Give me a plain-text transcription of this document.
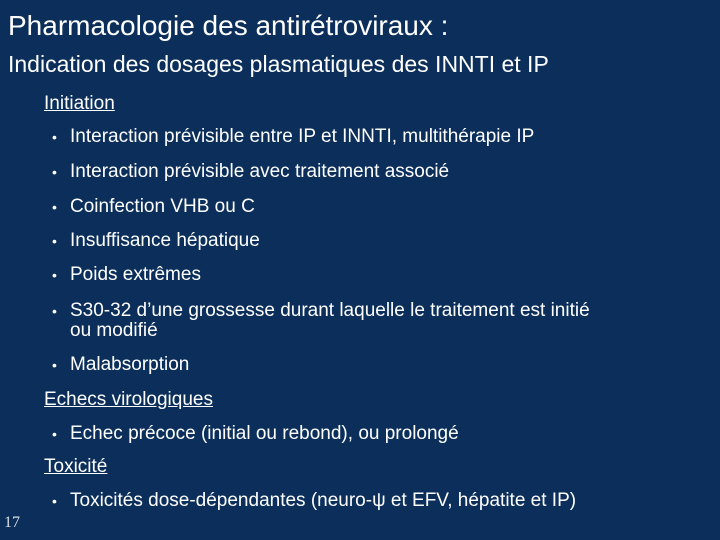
Pharmacologie des antirétroviraux :
Indication des dosages plasmatiques des INNTI et IP
Initiation
• Interaction prévisible entre IP et INNTI, multithérapie IP
• Interaction prévisible avec traitement associé
• Coinfection VHB ou C
• Insuffisance hépatique
• Poids extrêmes
• S30-32 d’une grossesse durant laquelle le traitement est initié
ou modifié
• Malabsorption
Echecs virologiques
• Echec précoce (initial ou rebond), ou prolongé
Toxicité
• Toxicités dose-dépendantes (neuro-ψ et EFV, hépatite et IP)
17
